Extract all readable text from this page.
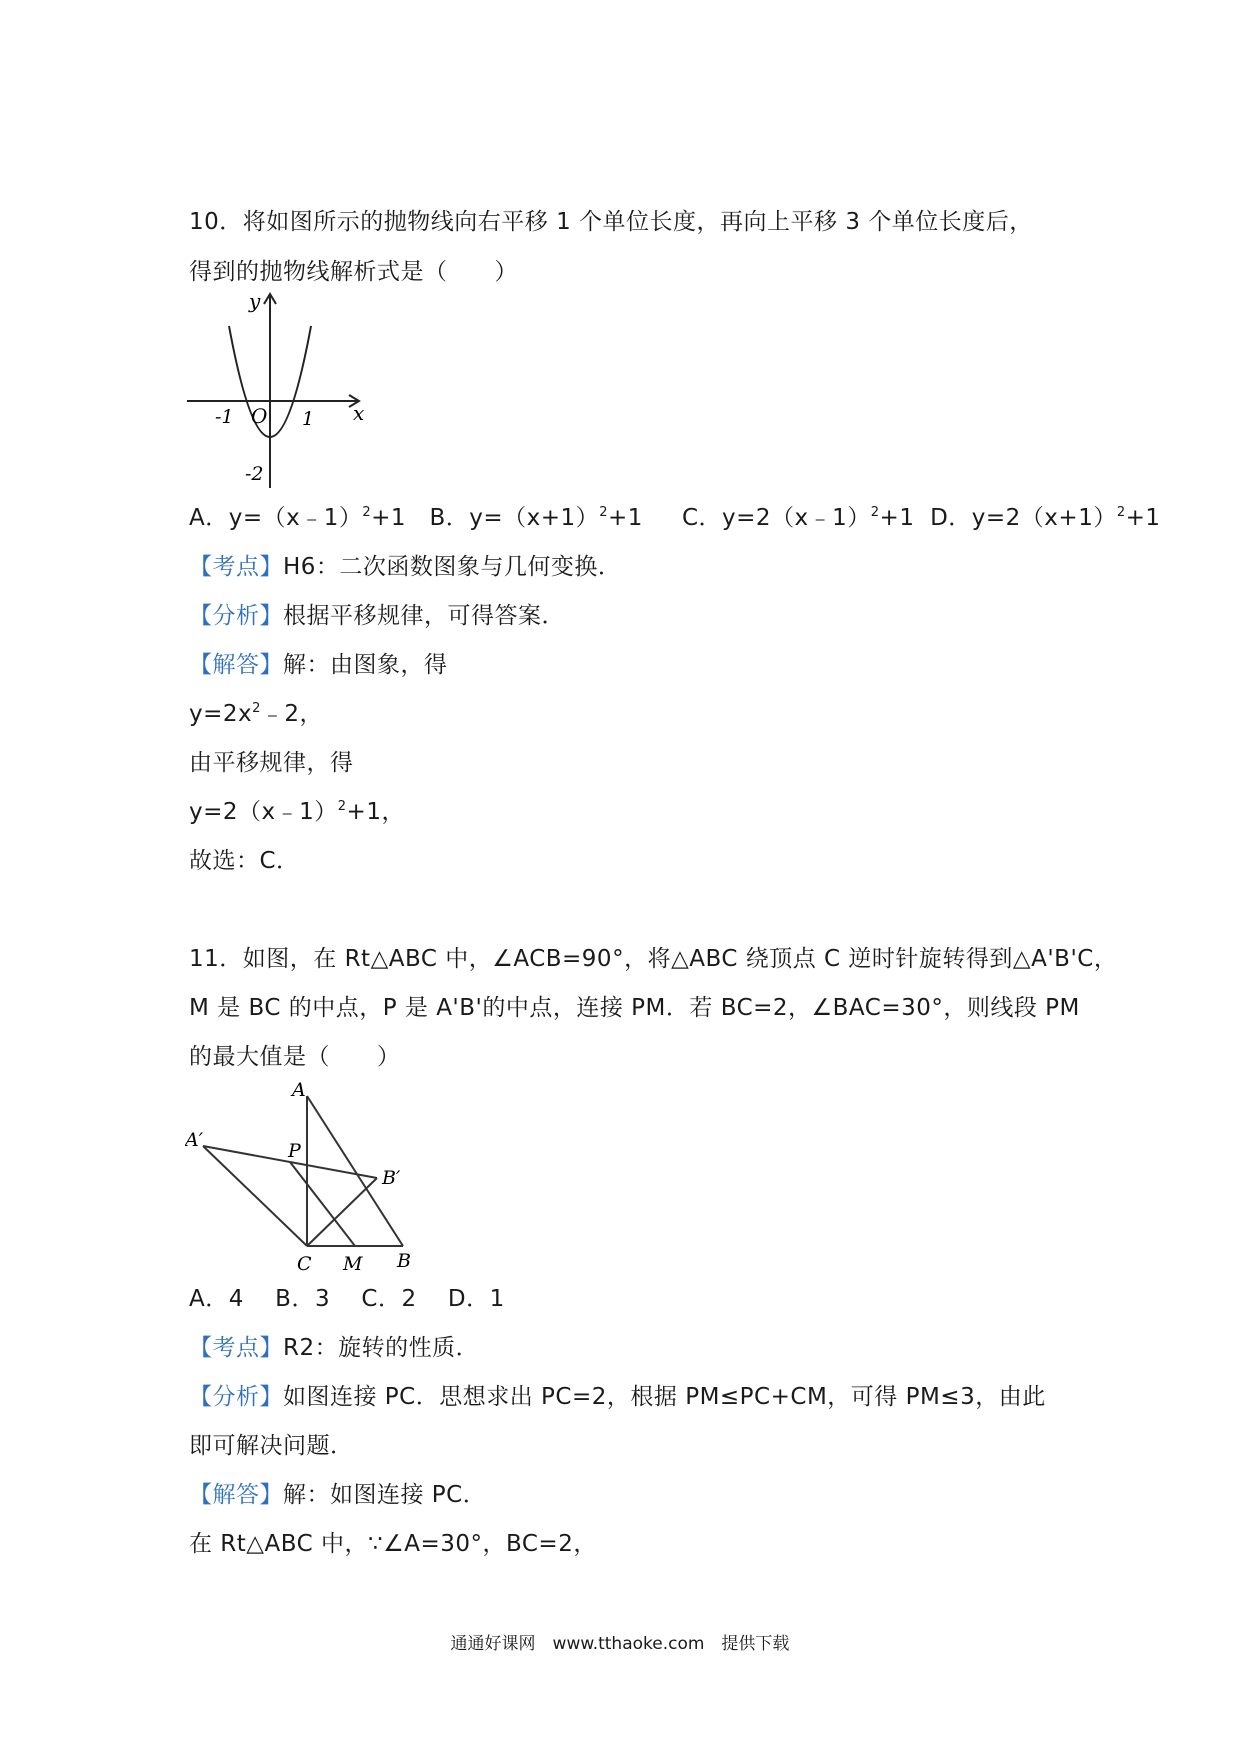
10．将如图所示的抛物线向右平移 1 个单位长度，再向上平移 3 个单位长度后，
得到的抛物线解析式是（　　）
y
x
O
-1	1
-2
A．y=（x﹣1）$^2$+1 B．$y=(x+1)^2+1$ C．y=2（x﹣1）$^2$+1 D．$y=2(x+1)^2+1$
【考点】H6：二次函数图象与几何变换．
【分析】根据平移规律，可得答案．
【解答】解：由图象，得
$y=2x^2﹣2$，
由平移规律，得
y=2（x﹣1）$^2$+1，
故选：C．
11．如图，在 Rt△ABC 中，∠ACB=90°，将△ABC 绕顶点 C 逆时针旋转得到△A'B'C，
M 是 BC 的中点，P 是 A'B'的中点，连接 PM．若 BC=2，∠BAC=30°，则线段 PM
的最大值是（　　）
A
A′	P
B′
C M B
A．4　 B．3　 C．2　 D．1
【考点】R2：旋转的性质．
【分析】如图连接 PC．思想求出 PC=2，根据 PM≤PC+CM，可得 PM≤3，由此
即可解决问题．
【解答】解：如图连接 PC．
在 Rt△ABC 中，∵∠A=30°，BC=2，
通通好课网　www.tthaoke.com　提供下载
